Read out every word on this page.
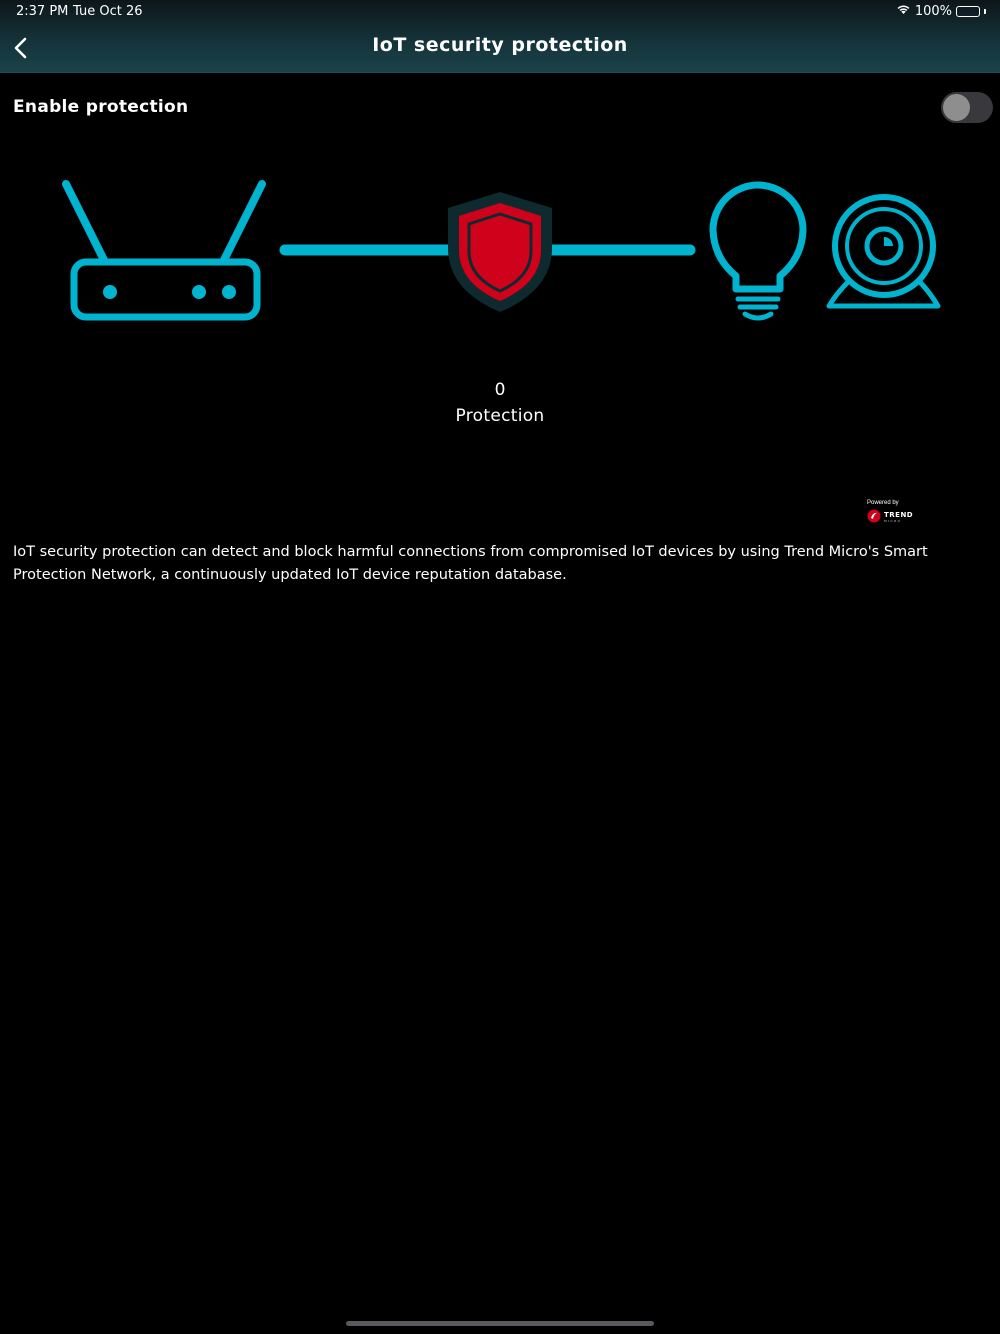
2:37 PM Tue Oct 26	100%
IoT security protection
Enable protection
0
Protection
Powered by
TREND
MICRO
IoT security protection can detect and block harmful connections from compromised IoT devices by using Trend Micro's Smart Protection Network, a continuously updated IoT device reputation database.
